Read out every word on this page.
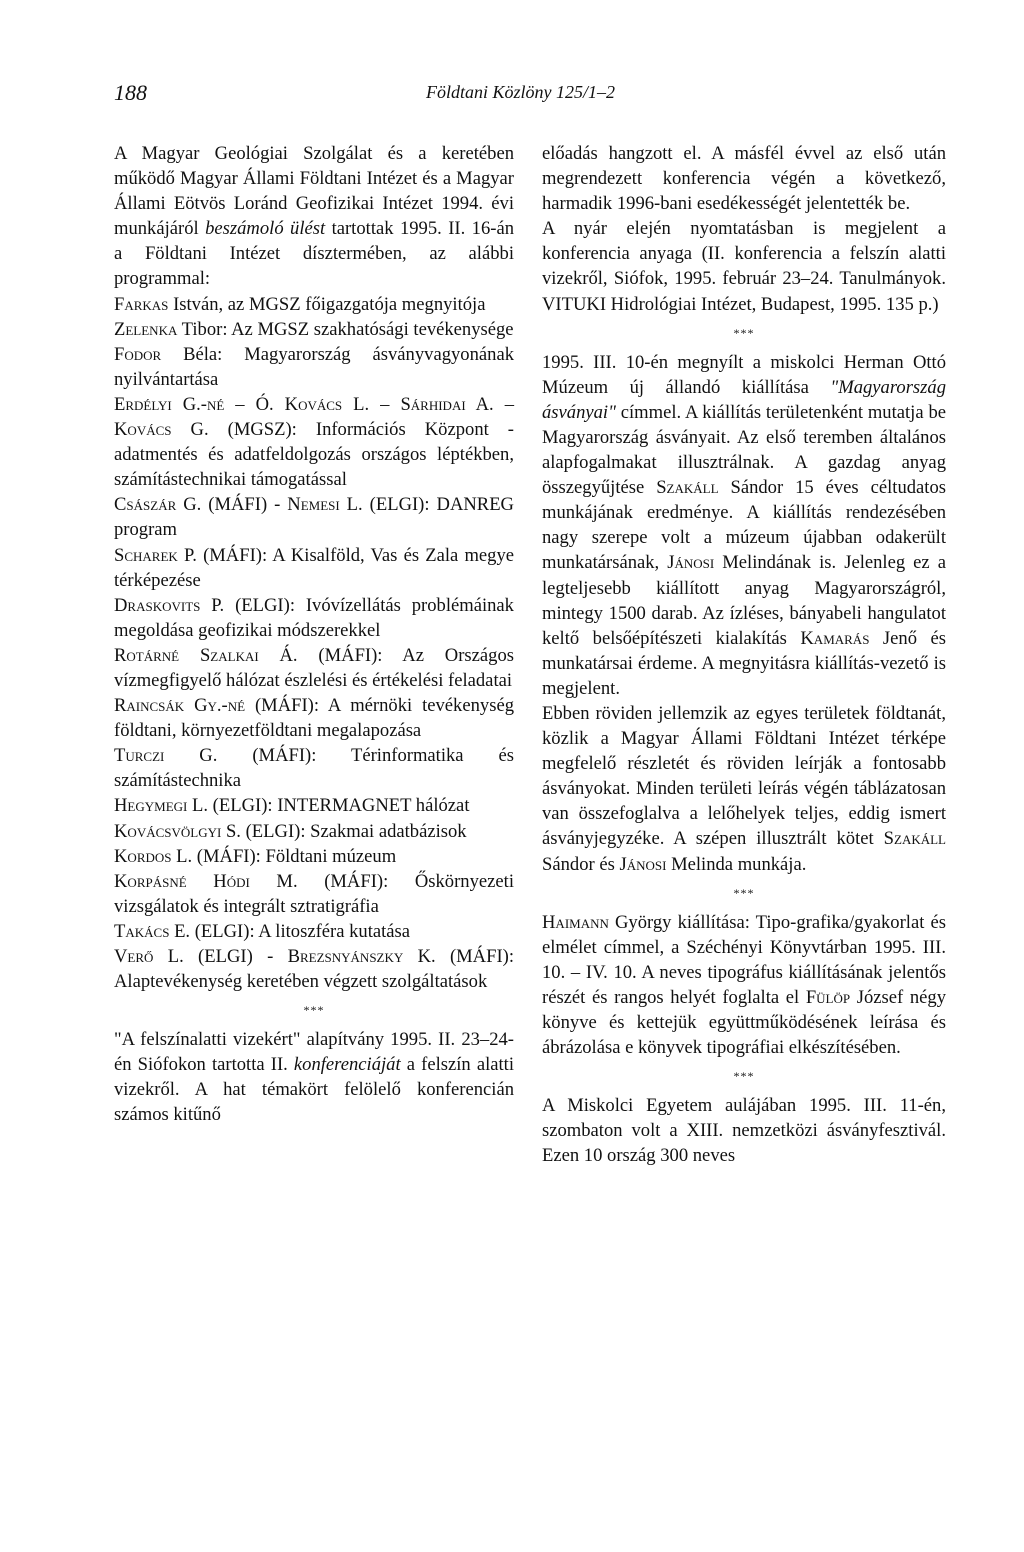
188	Földtani Közlöny 125/1–2

A Magyar Geológiai Szolgálat és a keretében működő Magyar Állami Földtani Intézet és a Magyar Állami Eötvös Loránd Geofizikai Intézet 1994. évi munkájáról beszámoló ülést tartottak 1995. II. 16-án a Földtani Intézet dísztermében, az alábbi programmal:

Farkas István, az MGSZ főigazgatója megnyitója

Zelenka Tibor: Az MGSZ szakhatósági tevékenysége

Fodor Béla: Magyarország ásványvagyonának nyilvántartása

Erdélyi G.-né – Ó. Kovács L. – Sárhidai A. – Kovács G. (MGSZ): Információs Központ - adatmentés és adatfeldolgozás országos léptékben, számítástechnikai támogatással

Császár G. (MÁFI) - Nemesi L. (ELGI): DANREG program

Scharek P. (MÁFI): A Kisalföld, Vas és Zala megye térképezése

Draskovits P. (ELGI): Ivóvízellátás problémáinak megoldása geofizikai módszerekkel

Rotárné Szalkai Á. (MÁFI): Az Országos vízmegfigyelő hálózat észlelési és értékelési feladatai

Raincsák Gy.-né (MÁFI): A mérnöki tevékenység földtani, környezetföldtani megalapozása

Turczi G. (MÁFI): Térinformatika és számítástechnika

Hegymegi L. (ELGI): INTERMAGNET hálózat

Kovácsvölgyi S. (ELGI): Szakmai adatbázisok

Kordos L. (MÁFI): Földtani múzeum

Korpásné Hódi M. (MÁFI): Őskörnyezeti vizsgálatok és integrált sztratigráfia

Takács E. (ELGI): A litoszféra kutatása

Verő L. (ELGI) - Brezsnyánszky K. (MÁFI): Alaptevékenység keretében végzett szolgáltatások

***

"A felszínalatti vizekért" alapítvány 1995. II. 23–24-én Siófokon tartotta II. konferenciáját a felszín alatti vizekről. A hat témakört felölelő konferencián számos kitűnő

előadás hangzott el. A másfél évvel az első után megrendezett konferencia végén a következő, harmadik 1996-bani esedékességét jelentették be.

A nyár elején nyomtatásban is megjelent a konferencia anyaga (II. konferencia a felszín alatti vizekről, Siófok, 1995. február 23–24. Tanulmányok. VITUKI Hidrológiai Intézet, Budapest, 1995. 135 p.)

***

1995. III. 10-én megnyílt a miskolci Herman Ottó Múzeum új állandó kiállítása "Magyarország ásványai" címmel. A kiállítás területenként mutatja be Magyarország ásványait. Az első teremben általános alapfogalmakat illusztrálnak. A gazdag anyag összegyűjtése Szakáll Sándor 15 éves céltudatos munkájának eredménye. A kiállítás rendezésében nagy szerepe volt a múzeum újabban odakerült munkatársának, Jánosi Melindának is. Jelenleg ez a legteljesebb kiállított anyag Magyarországról, mintegy 1500 darab. Az ízléses, bányabeli hangulatot keltő belsőépítészeti kialakítás Kamarás Jenő és munkatársai érdeme. A megnyitásra kiállítás-vezető is megjelent.

Ebben röviden jellemzik az egyes területek földtanát, közlik a Magyar Állami Földtani Intézet térképe megfelelő részletét és röviden leírják a fontosabb ásványokat. Minden területi leírás végén táblázatosan van összefoglalva a lelőhelyek teljes, eddig ismert ásványjegyzéke. A szépen illusztrált kötet Szakáll Sándor és Jánosi Melinda munkája.

***

Haimann György kiállítása: Tipo-grafika/gyakorlat és elmélet címmel, a Széchényi Könyvtárban 1995. III. 10. – IV. 10. A neves tipográfus kiállításának jelentős részét és rangos helyét foglalta el Fülöp József négy könyve és kettejük együttműködésének leírása és ábrázolása e könyvek tipográfiai elkészítésében.

***

A Miskolci Egyetem aulájában 1995. III. 11-én, szombaton volt a XIII. nemzetközi ásványfesztivál. Ezen 10 ország 300 neves
